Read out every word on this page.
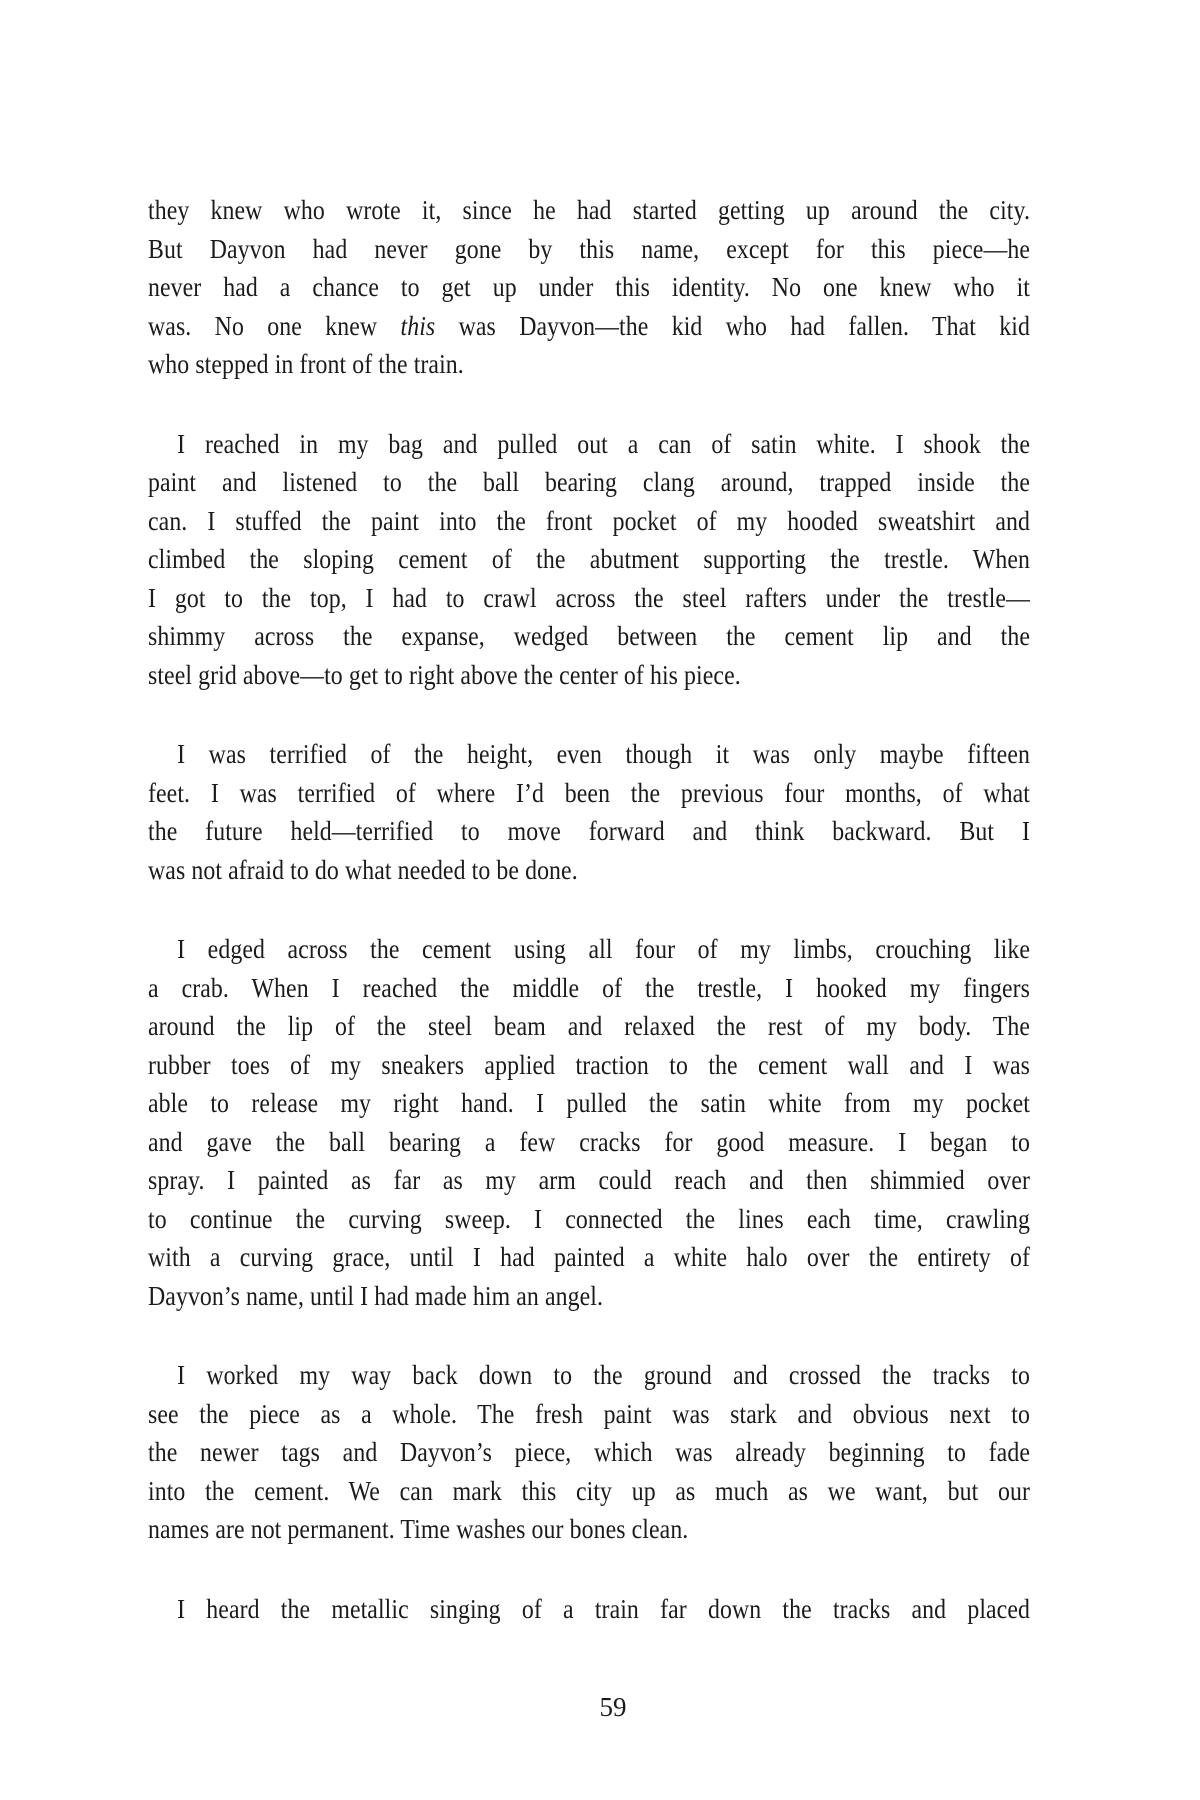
they knew who wrote it, since he had started getting up around the city.
But Dayvon had never gone by this name, except for this piece—he
never had a chance to get up under this identity. No one knew who it
was. No one knew this was Dayvon—the kid who had fallen. That kid
who stepped in front of the train.
I reached in my bag and pulled out a can of satin white. I shook the
paint and listened to the ball bearing clang around, trapped inside the
can. I stuffed the paint into the front pocket of my hooded sweatshirt and
climbed the sloping cement of the abutment supporting the trestle. When
I got to the top, I had to crawl across the steel rafters under the trestle—
shimmy across the expanse, wedged between the cement lip and the
steel grid above—to get to right above the center of his piece.
I was terrified of the height, even though it was only maybe fifteen
feet. I was terrified of where I’d been the previous four months, of what
the future held—terrified to move forward and think backward. But I
was not afraid to do what needed to be done.
I edged across the cement using all four of my limbs, crouching like
a crab. When I reached the middle of the trestle, I hooked my fingers
around the lip of the steel beam and relaxed the rest of my body. The
rubber toes of my sneakers applied traction to the cement wall and I was
able to release my right hand. I pulled the satin white from my pocket
and gave the ball bearing a few cracks for good measure. I began to
spray. I painted as far as my arm could reach and then shimmied over
to continue the curving sweep. I connected the lines each time, crawling
with a curving grace, until I had painted a white halo over the entirety of
Dayvon’s name, until I had made him an angel.
I worked my way back down to the ground and crossed the tracks to
see the piece as a whole. The fresh paint was stark and obvious next to
the newer tags and Dayvon’s piece, which was already beginning to fade
into the cement. We can mark this city up as much as we want, but our
names are not permanent. Time washes our bones clean.
I heard the metallic singing of a train far down the tracks and placed
59
